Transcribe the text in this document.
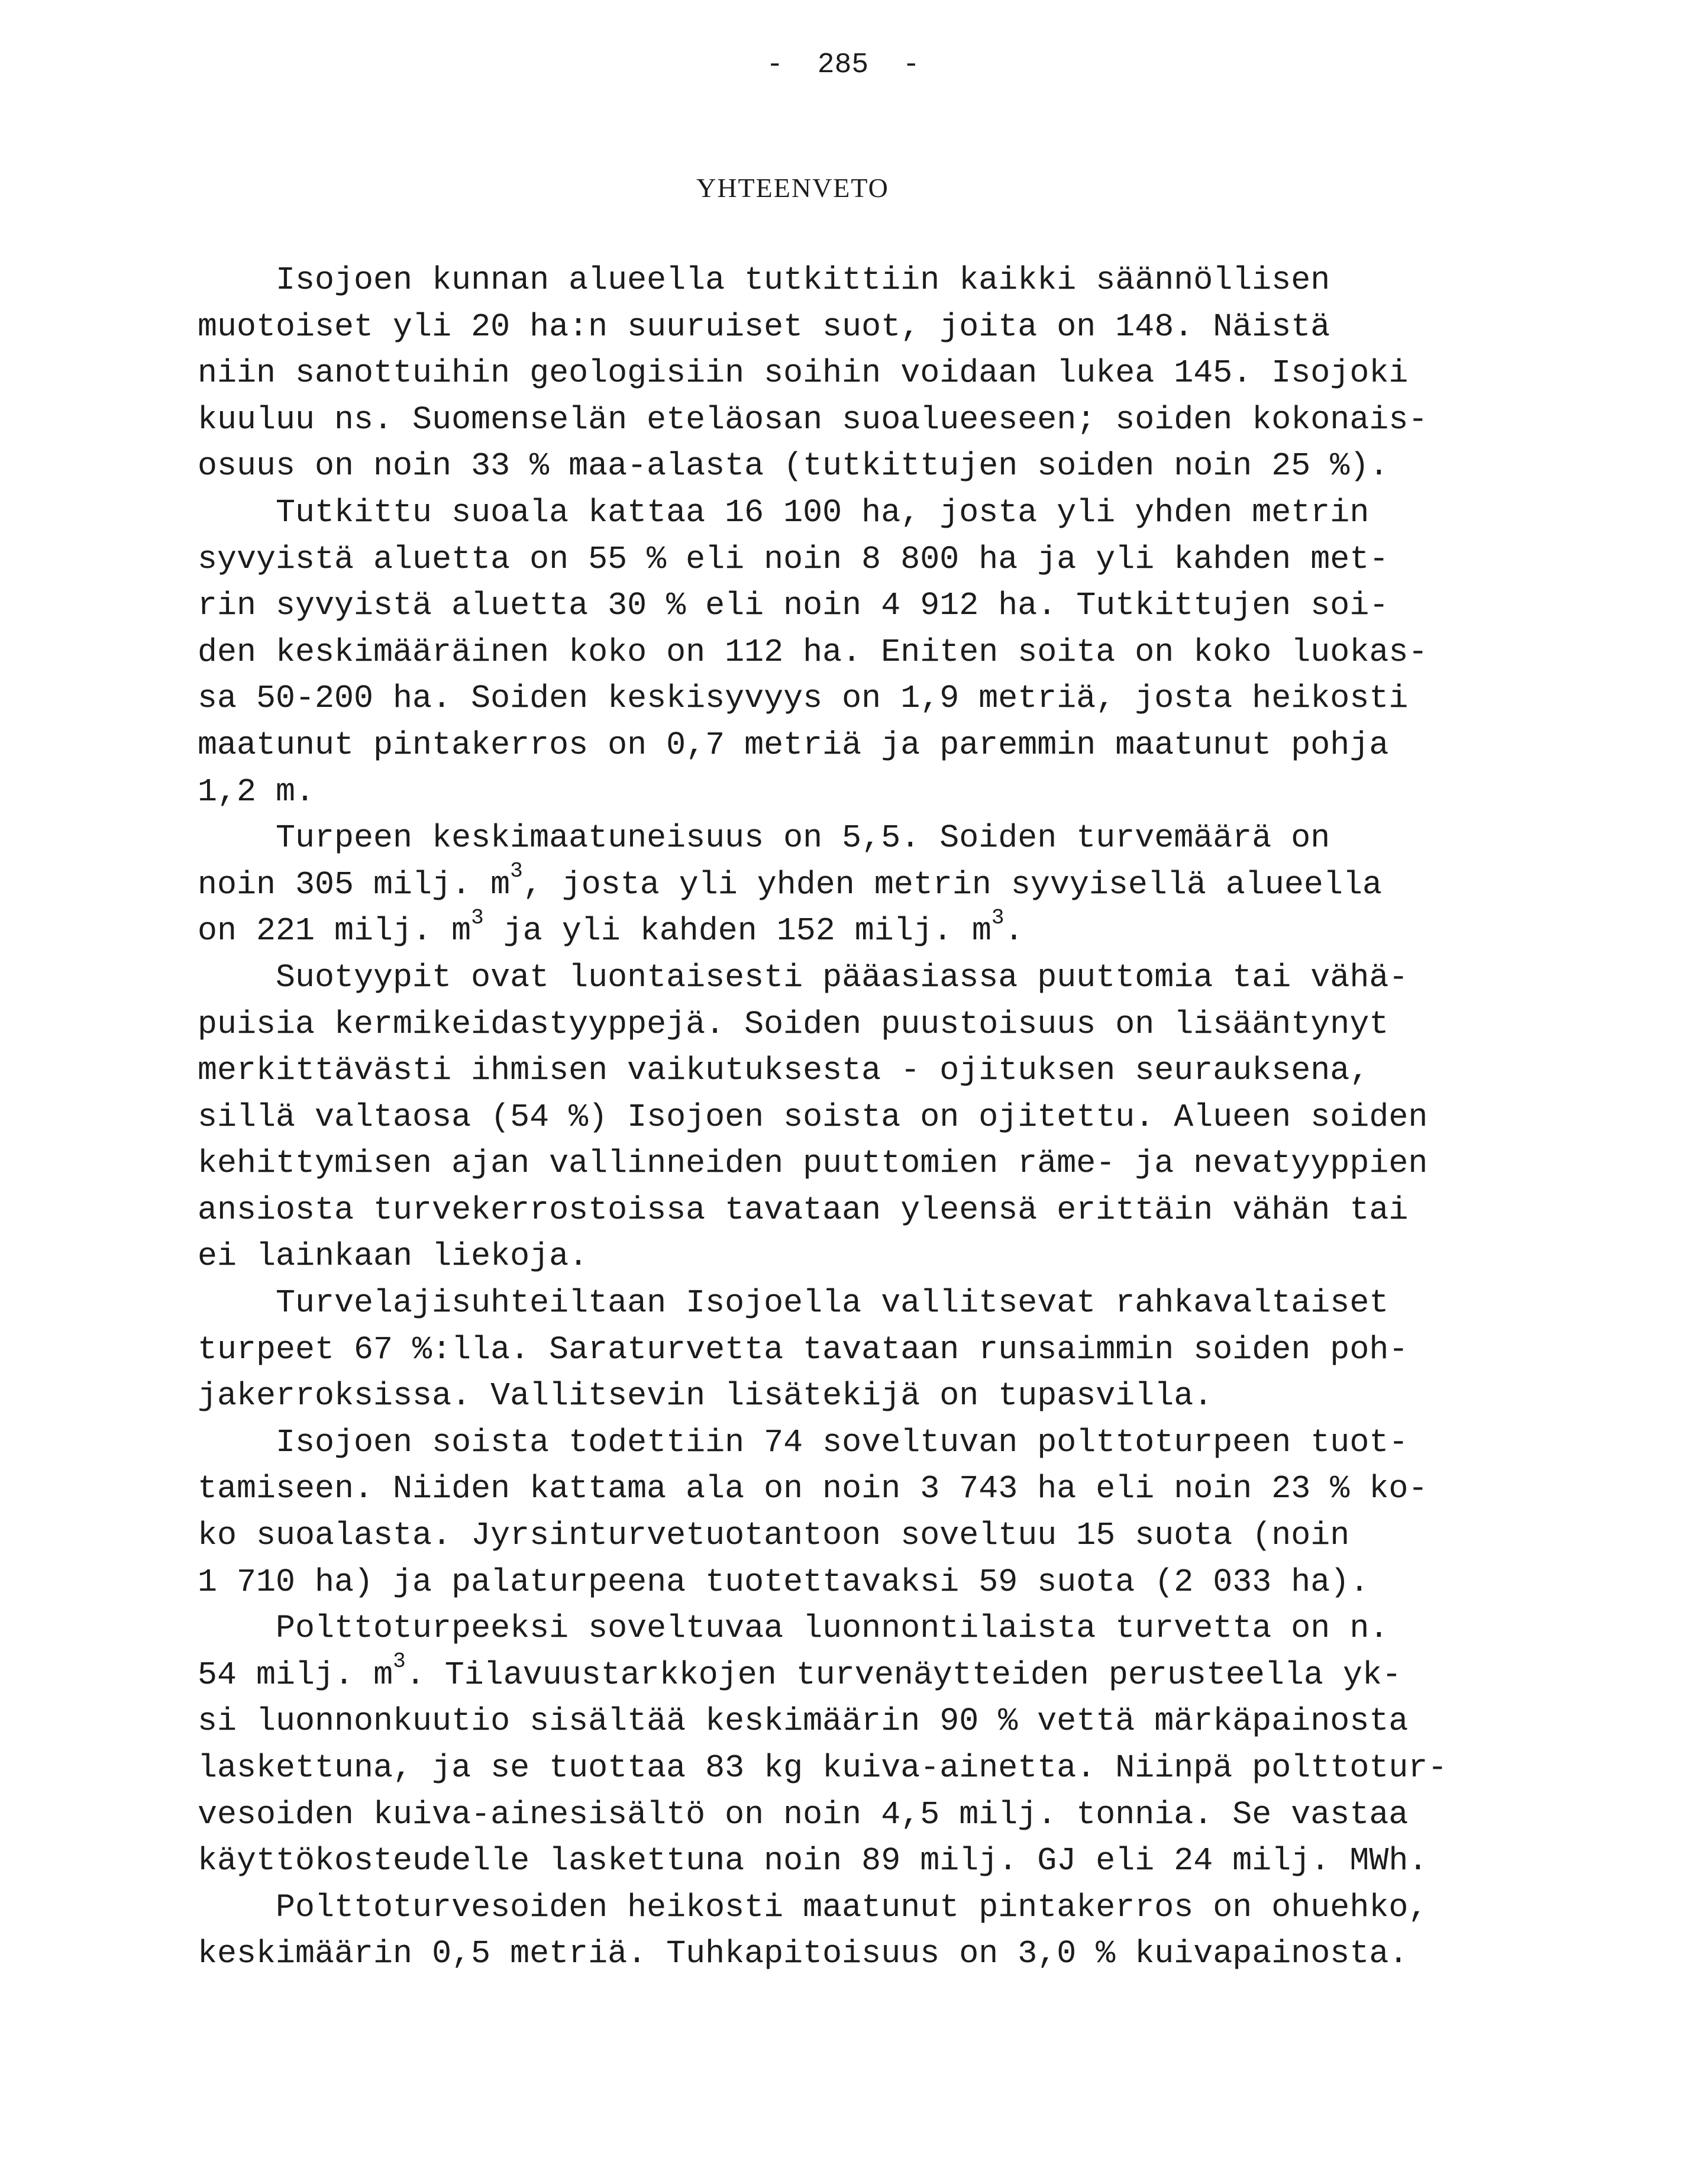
-  285  -
YHTEENVETO
Isojoen kunnan alueella tutkittiin kaikki säännöllisen
muotoiset yli 20 ha:n suuruiset suot, joita on 148. Näistä
niin sanottuihin geologisiin soihin voidaan lukea 145. Isojoki
kuuluu ns. Suomenselän eteläosan suoalueeseen; soiden kokonais-
osuus on noin 33 % maa-alasta (tutkittujen soiden noin 25 %).
Tutkittu suoala kattaa 16 100 ha, josta yli yhden metrin
syvyistä aluetta on 55 % eli noin 8 800 ha ja yli kahden met-
rin syvyistä aluetta 30 % eli noin 4 912 ha. Tutkittujen soi-
den keskimääräinen koko on 112 ha. Eniten soita on koko luokas-
sa 50-200 ha. Soiden keskisyvyys on 1,9 metriä, josta heikosti
maatunut pintakerros on 0,7 metriä ja paremmin maatunut pohja
1,2 m.
Turpeen keskimaatuneisuus on 5,5. Soiden turvemäärä on
noin 305 milj. $m^3$, josta yli yhden metrin syvyisellä alueella
on 221 milj. $m^3$ ja yli kahden 152 milj. $m^3$.
Suotyypit ovat luontaisesti pääasiassa puuttomia tai vähä-
puisia kermikeidastyyppejä. Soiden puustoisuus on lisääntynyt
merkittävästi ihmisen vaikutuksesta - ojituksen seurauksena,
sillä valtaosa (54 %) Isojoen soista on ojitettu. Alueen soiden
kehittymisen ajan vallinneiden puuttomien räme- ja nevatyyppien
ansiosta turvekerrostoissa tavataan yleensä erittäin vähän tai
ei lainkaan liekoja.
Turvelajisuhteiltaan Isojoella vallitsevat rahkavaltaiset
turpeet 67 %:lla. Saraturvetta tavataan runsaimmin soiden poh-
jakerroksissa. Vallitsevin lisätekijä on tupasvilla.
Isojoen soista todettiin 74 soveltuvan polttoturpeen tuot-
tamiseen. Niiden kattama ala on noin 3 743 ha eli noin 23 % ko-
ko suoalasta. Jyrsinturvetuotantoon soveltuu 15 suota (noin
1 710 ha) ja palaturpeena tuotettavaksi 59 suota (2 033 ha).
Polttoturpeeksi soveltuvaa luonnontilaista turvetta on n.
54 milj. $m^3$. Tilavuustarkkojen turvenäytteiden perusteella yk-
si luonnonkuutio sisältää keskimäärin 90 % vettä märkäpainosta
laskettuna, ja se tuottaa 83 kg kuiva-ainetta. Niinpä polttotur-
vesoiden kuiva-ainesisältö on noin 4,5 milj. tonnia. Se vastaa
käyttökosteudelle laskettuna noin 89 milj. GJ eli 24 milj. MWh.
Polttoturvesoiden heikosti maatunut pintakerros on ohuehko,
keskimäärin 0,5 metriä. Tuhkapitoisuus on 3,0 % kuivapainosta.
